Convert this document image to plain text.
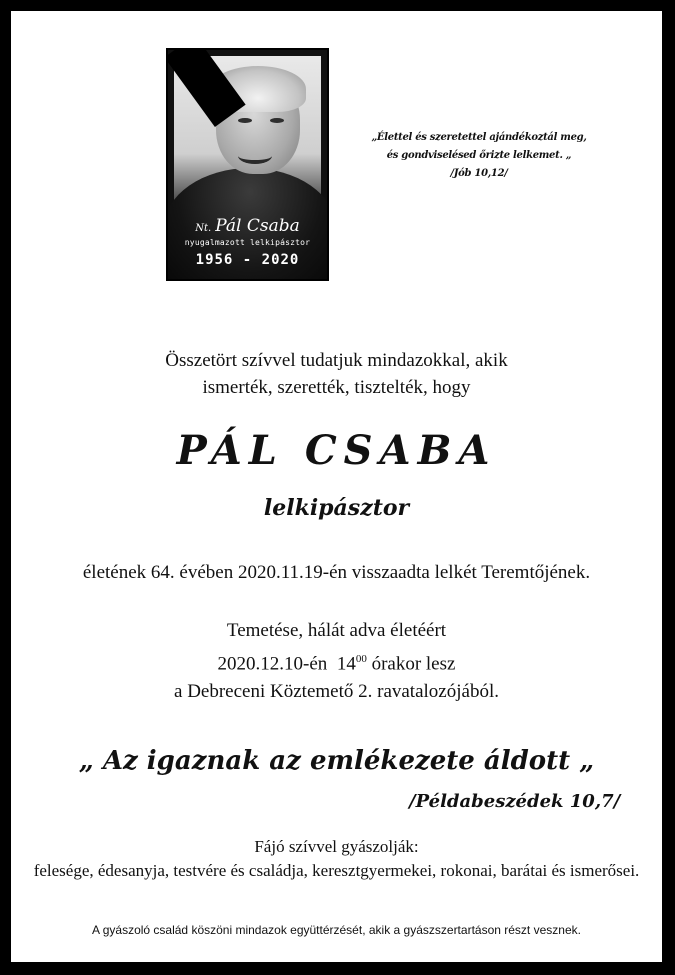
Nt. Pál Csaba
nyugalmazott lelkipásztor
1956 - 2020
„Élettel és szeretettel ajándékoztál meg,
és gondviselésed őrizte lelkemet. „
/Jób 10,12/
Összetört szívvel tudatjuk mindazokkal, akik
ismerték, szerették, tisztelték, hogy
PÁL CSABA
lelkipásztor
életének 64. évében 2020.11.19-én visszaadta lelkét Teremtőjének.
Temetése, hálát adva életéért
2020.12.10-én $14^{00}$ órakor lesz
a Debreceni Köztemető 2. ravatalozójából.
„ Az igaznak az emlékezete áldott „
/Példabeszédek 10,7/
Fájó szívvel gyászolják:
felesége, édesanyja, testvére és családja, keresztgyermekei, rokonai, barátai és ismerősei.
A gyászoló család köszöni mindazok együttérzését, akik a gyászszertartáson részt vesznek.
